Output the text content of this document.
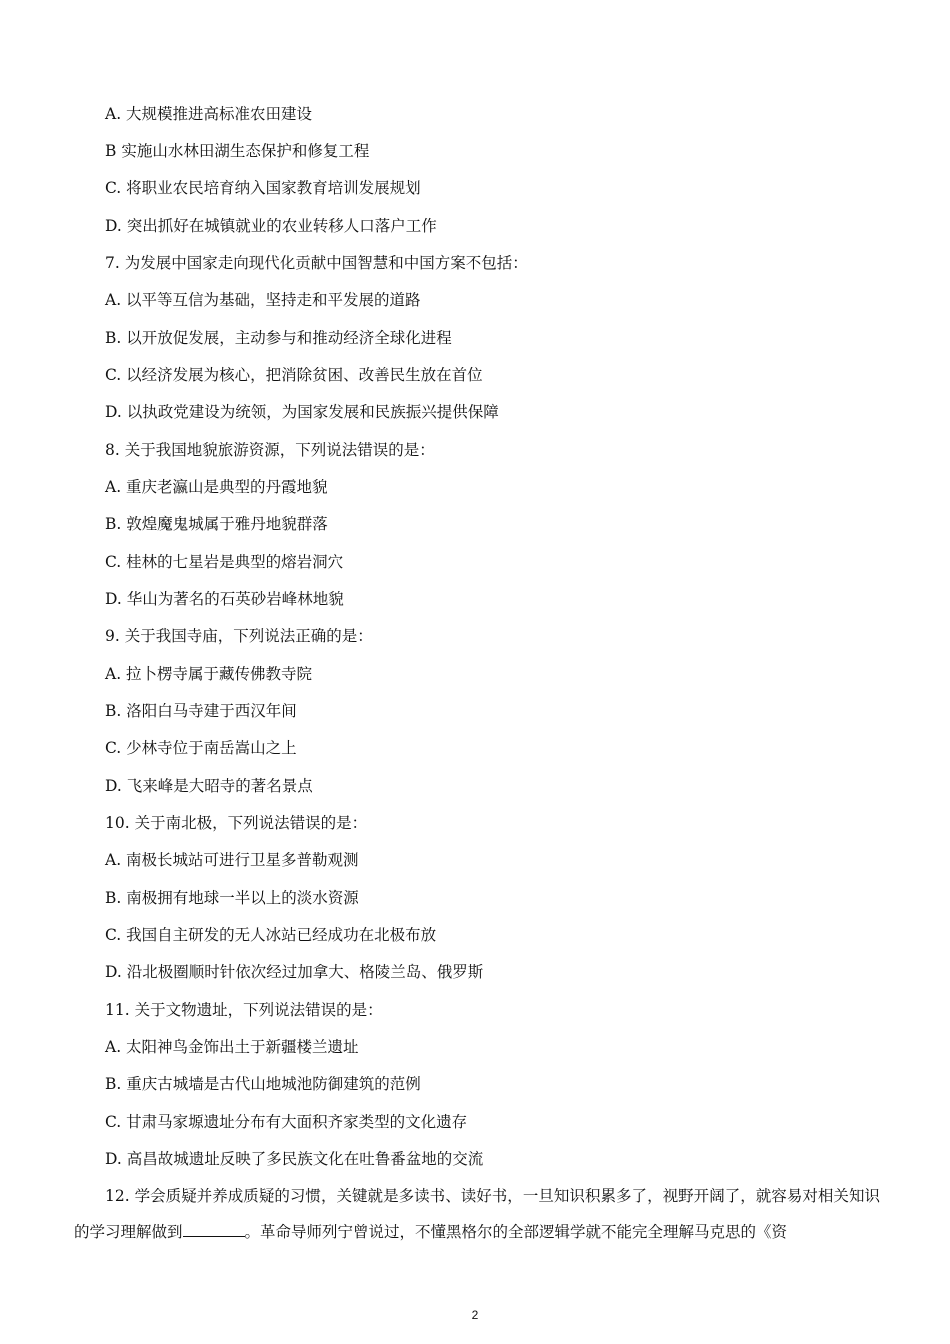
A. 大规模推进高标准农田建设
B 实施山水林田湖生态保护和修复工程
C. 将职业农民培育纳入国家教育培训发展规划
D. 突出抓好在城镇就业的农业转移人口落户工作
7. 为发展中国家走向现代化贡献中国智慧和中国方案不包括：
A. 以平等互信为基础，坚持走和平发展的道路
B. 以开放促发展，主动参与和推动经济全球化进程
C. 以经济发展为核心，把消除贫困、改善民生放在首位
D. 以执政党建设为统领，为国家发展和民族振兴提供保障
8. 关于我国地貌旅游资源，下列说法错误的是：
A. 重庆老瀛山是典型的丹霞地貌
B. 敦煌魔鬼城属于雅丹地貌群落
C. 桂林的七星岩是典型的熔岩洞穴
D. 华山为著名的石英砂岩峰林地貌
9. 关于我国寺庙，下列说法正确的是：
A. 拉卜楞寺属于藏传佛教寺院
B. 洛阳白马寺建于西汉年间
C. 少林寺位于南岳嵩山之上
D. 飞来峰是大昭寺的著名景点
10. 关于南北极，下列说法错误的是：
A. 南极长城站可进行卫星多普勒观测
B. 南极拥有地球一半以上的淡水资源
C. 我国自主研发的无人冰站已经成功在北极布放
D. 沿北极圈顺时针依次经过加拿大、格陵兰岛、俄罗斯
11. 关于文物遗址，下列说法错误的是：
A. 太阳神鸟金饰出土于新疆楼兰遗址
B. 重庆古城墙是古代山地城池防御建筑的范例
C. 甘肃马家塬遗址分布有大面积齐家类型的文化遗存
D. 高昌故城遗址反映了多民族文化在吐鲁番盆地的交流

12. 学会质疑并养成质疑的习惯，关键就是多读书、读好书，一旦知识积累多了，视野开阔了，就容易对相关知识的学习理解做到	。革命导师列宁曾说过，不懂黑格尔的全部逻辑学就不能完全理解马克思的《资

2
